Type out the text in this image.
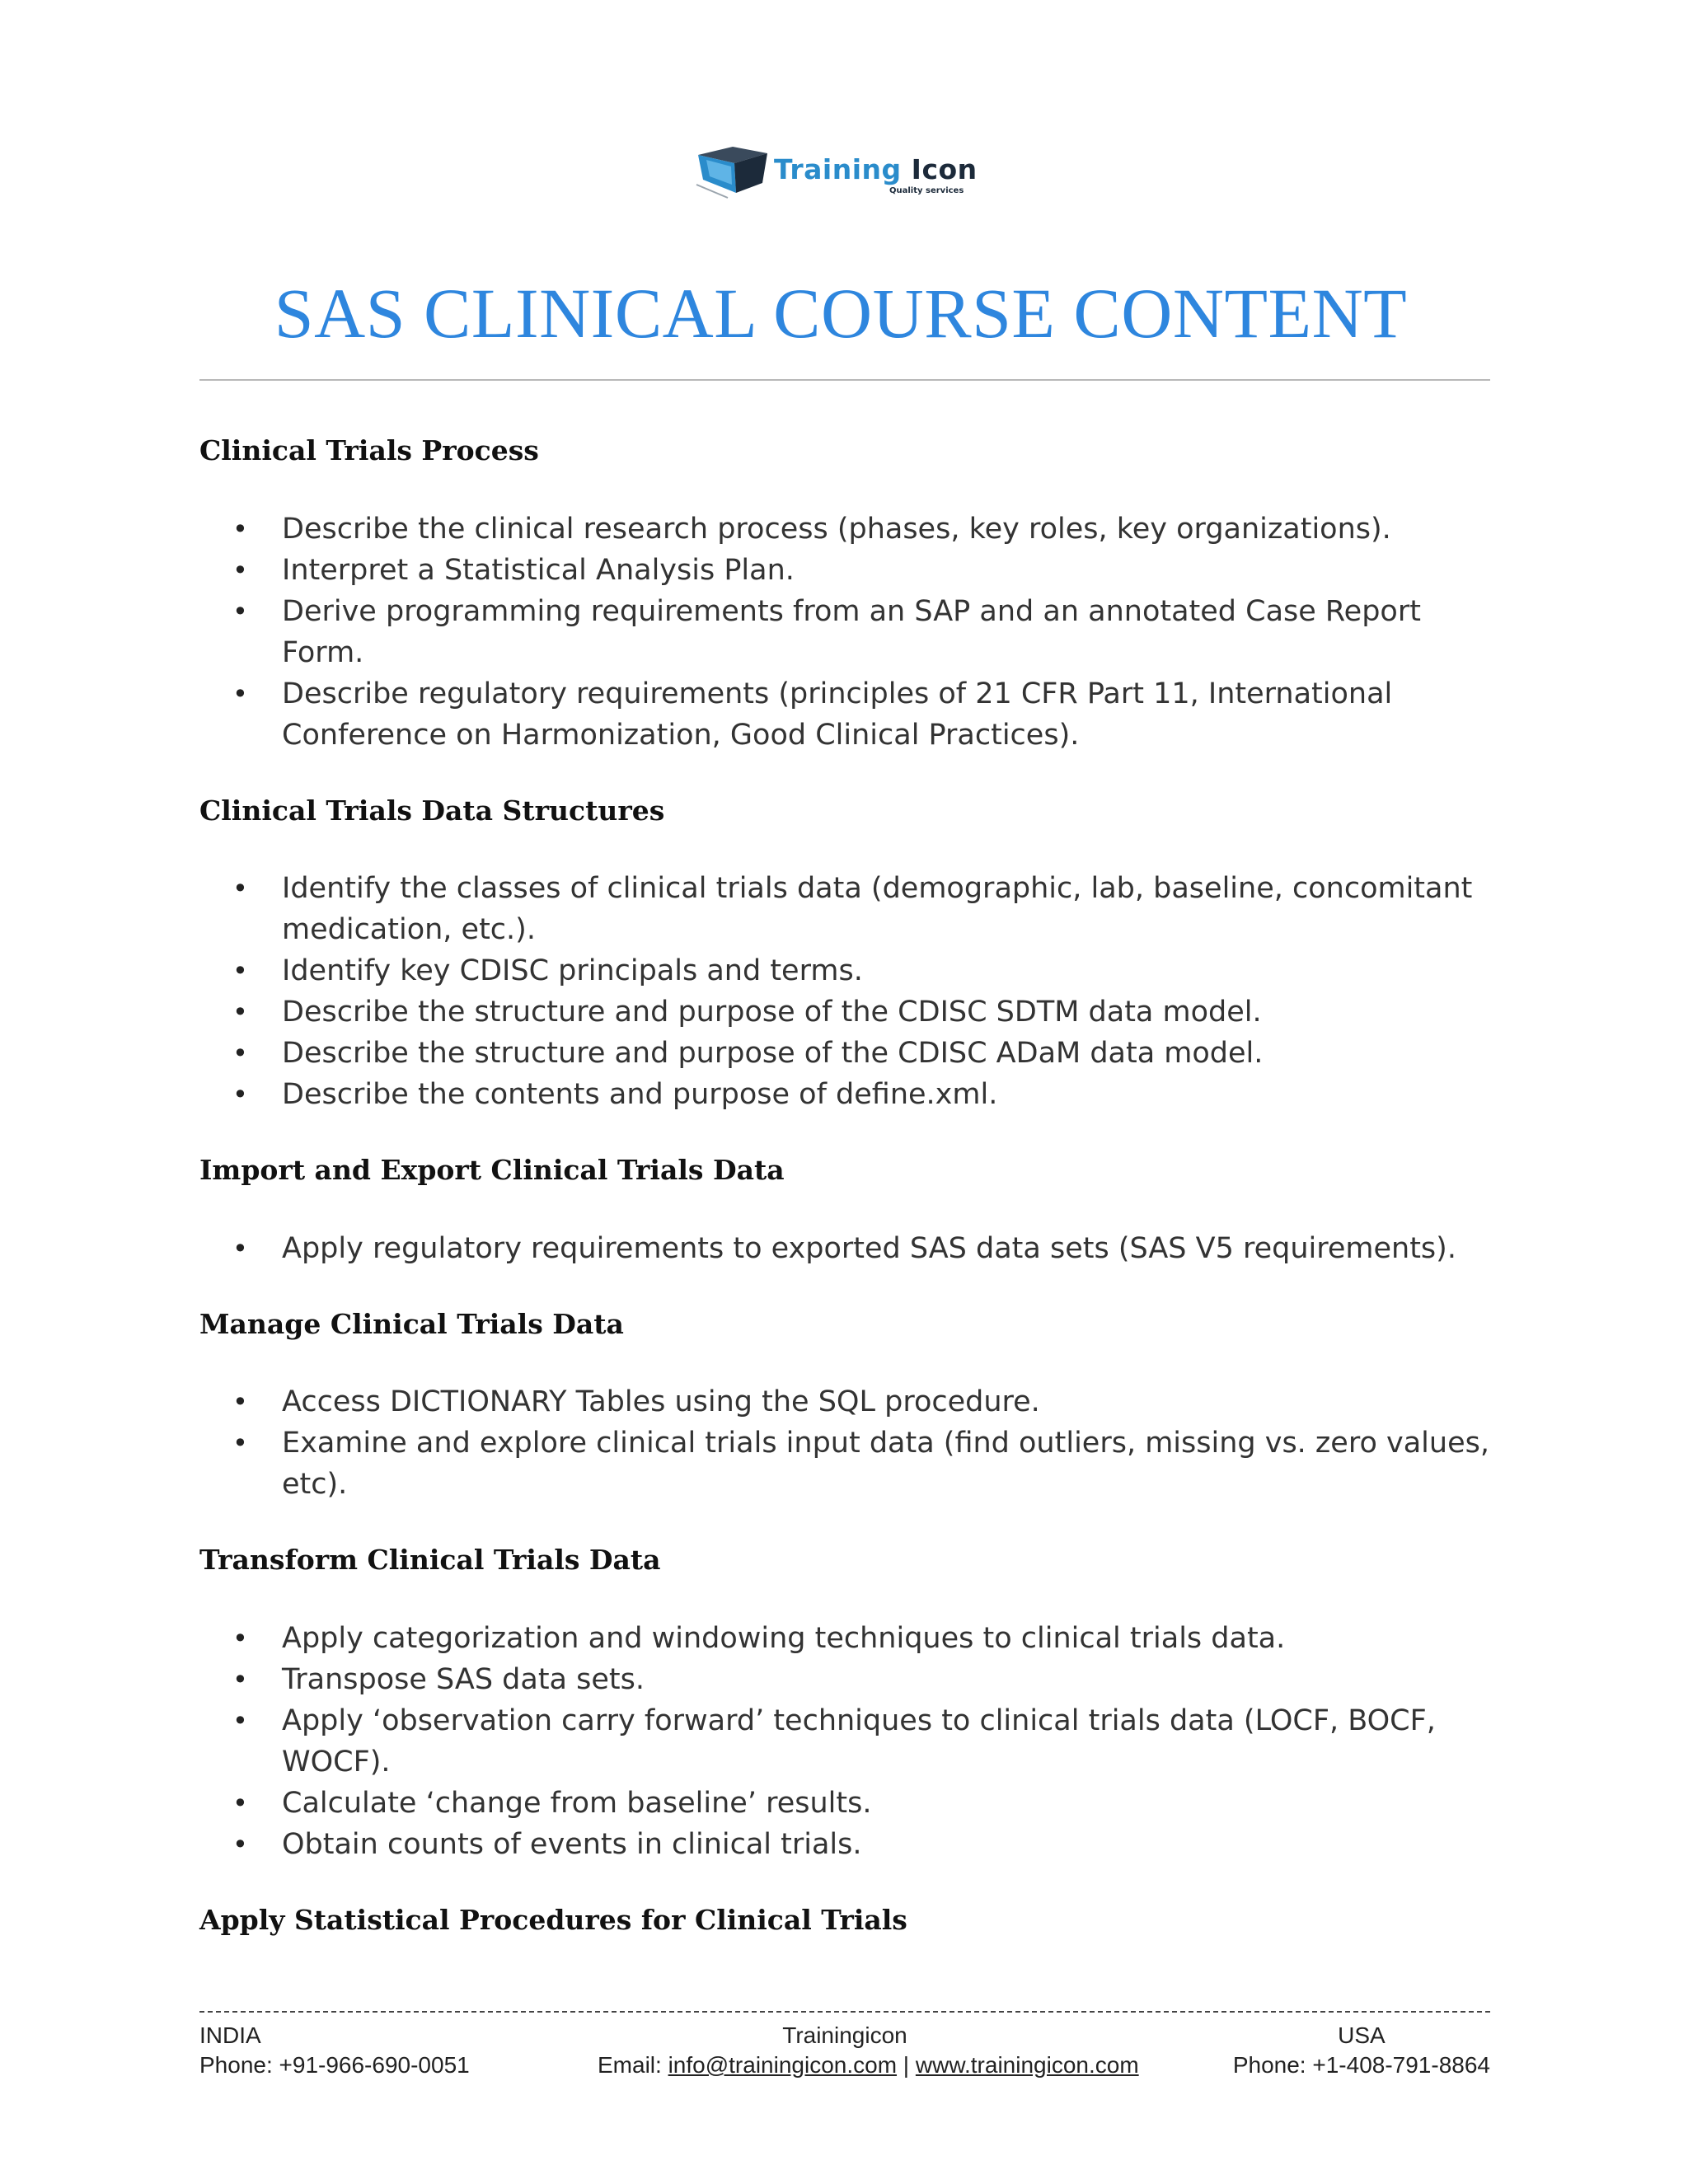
Training Icon
Quality services
SAS CLINICAL COURSE CONTENT
Clinical Trials Process
• Describe the clinical research process (phases, key roles, key organizations).
• Interpret a Statistical Analysis Plan.
• Derive programming requirements from an SAP and an annotated Case Report Form.
• Describe regulatory requirements (principles of 21 CFR Part 11, International Conference on Harmonization, Good Clinical Practices).
Clinical Trials Data Structures
• Identify the classes of clinical trials data (demographic, lab, baseline, concomitant medication, etc.).
• Identify key CDISC principals and terms.
• Describe the structure and purpose of the CDISC SDTM data model.
• Describe the structure and purpose of the CDISC ADaM data model.
• Describe the contents and purpose of define.xml.
Import and Export Clinical Trials Data
• Apply regulatory requirements to exported SAS data sets (SAS V5 requirements).
Manage Clinical Trials Data
• Access DICTIONARY Tables using the SQL procedure.
• Examine and explore clinical trials input data (find outliers, missing vs. zero values, etc).
Transform Clinical Trials Data
• Apply categorization and windowing techniques to clinical trials data.
• Transpose SAS data sets.
• Apply ‘observation carry forward’ techniques to clinical trials data (LOCF, BOCF, WOCF).
• Calculate ‘change from baseline’ results.
• Obtain counts of events in clinical trials.
Apply Statistical Procedures for Clinical Trials
INDIA
Phone: +91-966-690-0051
Trainingicon
Email: info@trainingicon.com | www.trainingicon.com
USA
Phone: +1-408-791-8864
